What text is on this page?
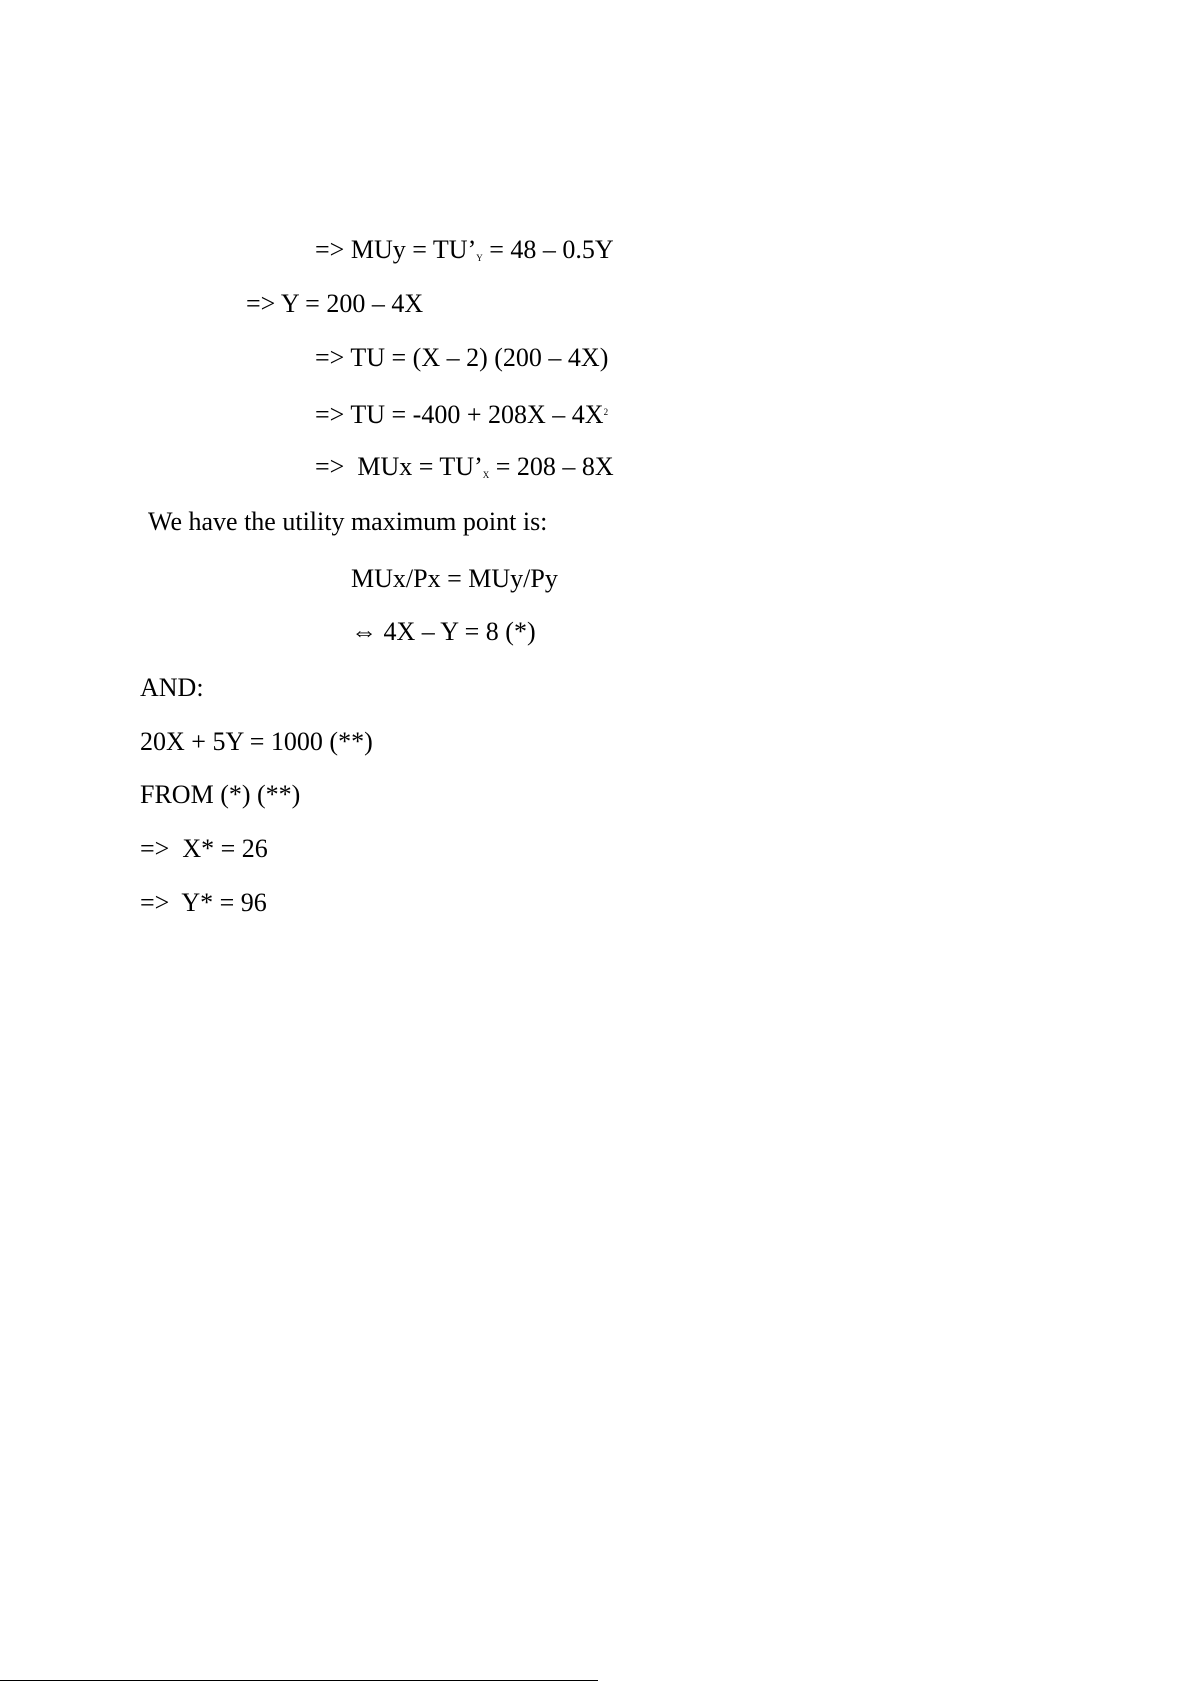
=> MUy = $TU’_Y = 48 - 0.5Y$
=> Y = 200 – 4X
=> TU = (X – 2) (200 – 4X)
=> TU = $-400 + 208X - 4X^2$
=>  MUx = $TU’_X = 208 - 8X$
We have the utility maximum point is:
MUx/Px = MUy/Py
⇔ 4X – Y = 8 (*)
AND:
20X + 5Y = 1000 (**)
FROM (*) (**)
=>  X* = 26
=>  Y* = 96
